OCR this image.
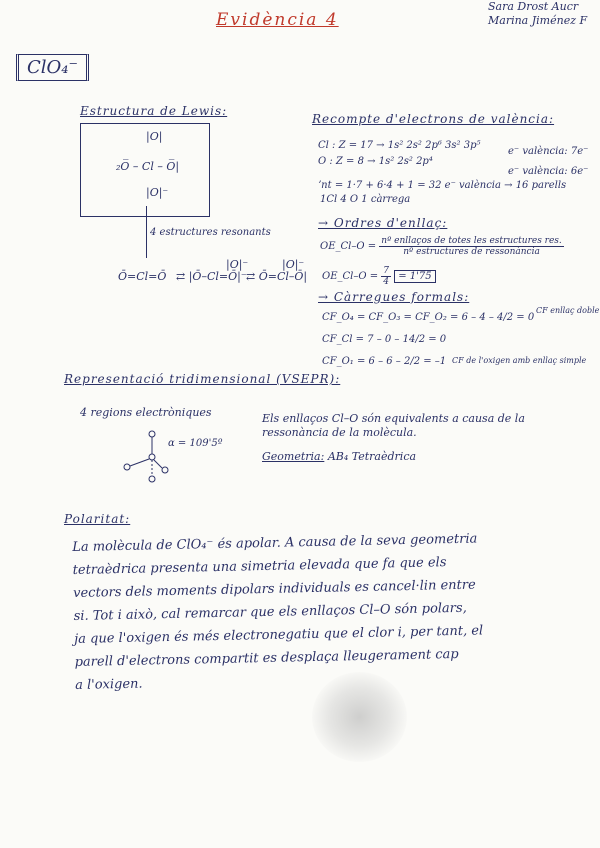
Evidència 4
Sara Drost Aucr
Marina Jiménez F
ClO₄⁻
Estructura de Lewis:
|O|
₂O̅ – Cl – O̅|
|O|⁻
4 estructures resonants
Ō=Cl=Ō ⇄ |Ō–Cl=Ō|⁻
|O|⁻
⇄ Ō=Cl–Ō|
|O|⁻
Recompte d'electrons de valència:
Cl : Z = 17 → 1s² 2s² 2p⁶ 3s² 3p⁵
e⁻ valència: 7e⁻
O : Z = 8 → 1s² 2s² 2p⁴
e⁻ valència: 6e⁻
ʼnt = 1·7 + 6·4 + 1 = 32 e⁻ valència → 16 parells
1Cl 4 O 1 càrrega
→ Ordres d'enllaç:
OE_Cl–O = $\frac{\text{nº enllaços de totes les estructures res.}}{\text{nº estructures de ressonància}}$
OE_Cl–O = $\frac{7}{4} = 1'75$
→ Càrregues formals:
CF_O₄ = CF_O₃ = CF_O₂ = 6 – 4 – 4/2 = 0
CF enllaç doble
CF_Cl = 7 – 0 – 14/2 = 0
CF_O₁ = 6 – 6 – 2/2 = –1 CF de l'oxigen amb enllaç simple
Representació tridimensional (VSEPR):
4 regions electròniques
α = 109'5º
Els enllaços Cl–O són equivalents a causa de la ressonància de la molècula.
Geometria: AB₄ Tetraèdrica
Polaritat:
La molècula de ClO₄⁻ és apolar. A causa de la seva geometria
tetraèdrica presenta una simetria elevada que fa que els
vectors dels moments dipolars individuals es cancel·lin entre
si. Tot i això, cal remarcar que els enllaços Cl–O són polars,
ja que l'oxigen és més electronegatiu que el clor i, per tant, el
parell d'electrons compartit es desplaça lleugerament cap
a l'oxigen.
